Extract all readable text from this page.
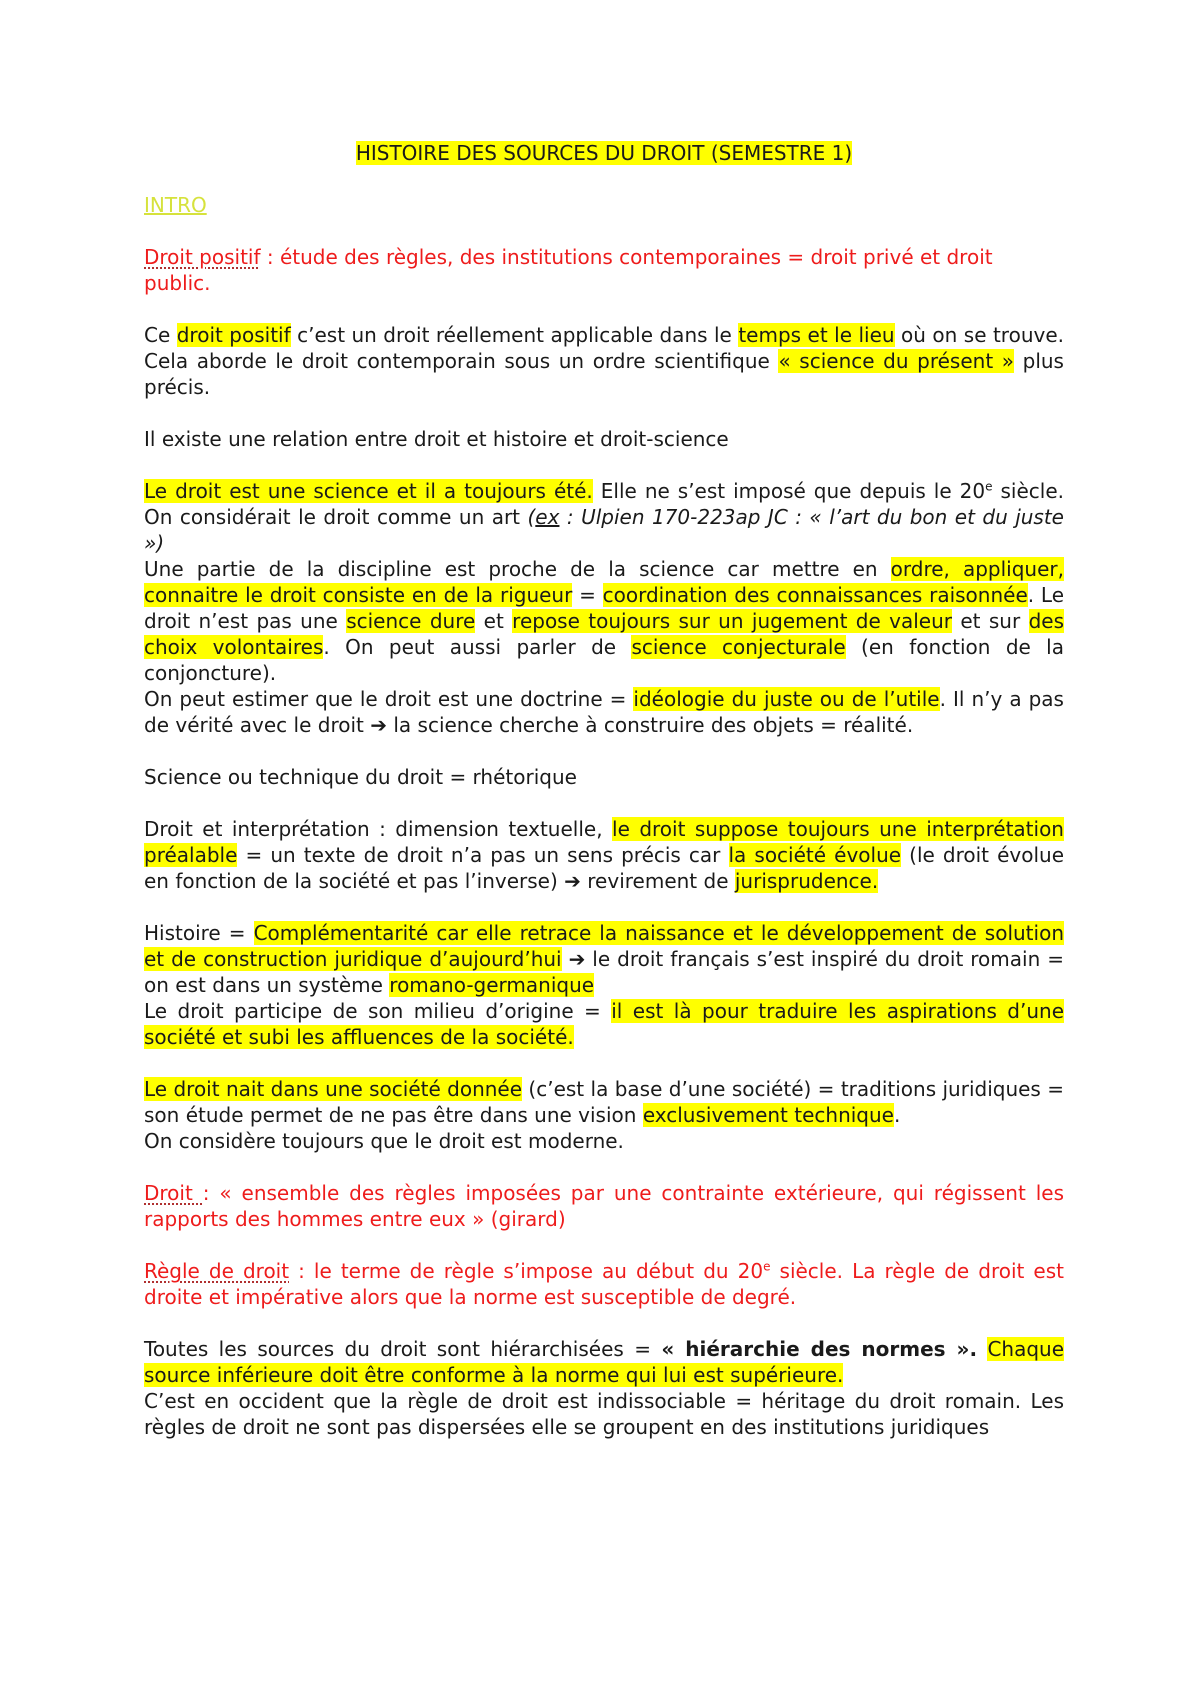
HISTOIRE DES SOURCES DU DROIT (SEMESTRE 1)
INTRO
Droit positif : étude des règles, des institutions contemporaines = droit privé et droit public.
Ce droit positif c’est un droit réellement applicable dans le temps et le lieu où on se trouve. Cela aborde le droit contemporain sous un ordre scientifique « science du présent » plus précis.
Il existe une relation entre droit et histoire et droit-science
Le droit est une science et il a toujours été. Elle ne s’est imposé que depuis le 20e siècle. On considérait le droit comme un art (ex : Ulpien 170-223ap JC : « l’art du bon et du juste »)
Une partie de la discipline est proche de la science car mettre en ordre, appliquer, connaitre le droit consiste en de la rigueur = coordination des connaissances raisonnée. Le droit n’est pas une science dure et repose toujours sur un jugement de valeur et sur des choix volontaires. On peut aussi parler de science conjecturale (en fonction de la conjoncture).
On peut estimer que le droit est une doctrine = idéologie du juste ou de l’utile. Il n’y a pas de vérité avec le droit ➔ la science cherche à construire des objets = réalité.
Science ou technique du droit = rhétorique
Droit et interprétation : dimension textuelle, le droit suppose toujours une interprétation préalable = un texte de droit n’a pas un sens précis car la société évolue (le droit évolue en fonction de la société et pas l’inverse) ➔ revirement de jurisprudence.
Histoire = Complémentarité car elle retrace la naissance et le développement de solution et de construction juridique d’aujourd’hui ➔ le droit français s’est inspiré du droit romain = on est dans un système romano-germanique
Le droit participe de son milieu d’origine = il est là pour traduire les aspirations d’une société et subi les affluences de la société.
Le droit nait dans une société donnée (c’est la base d’une société) = traditions juridiques = son étude permet de ne pas être dans une vision exclusivement technique.
On considère toujours que le droit est moderne.
Droit : « ensemble des règles imposées par une contrainte extérieure, qui régissent les rapports des hommes entre eux » (girard)
Règle de droit : le terme de règle s’impose au début du 20e siècle. La règle de droit est droite et impérative alors que la norme est susceptible de degré.
Toutes les sources du droit sont hiérarchisées = « hiérarchie des normes ». Chaque source inférieure doit être conforme à la norme qui lui est supérieure.
C’est en occident que la règle de droit est indissociable = héritage du droit romain. Les règles de droit ne sont pas dispersées elle se groupent en des institutions juridiques
